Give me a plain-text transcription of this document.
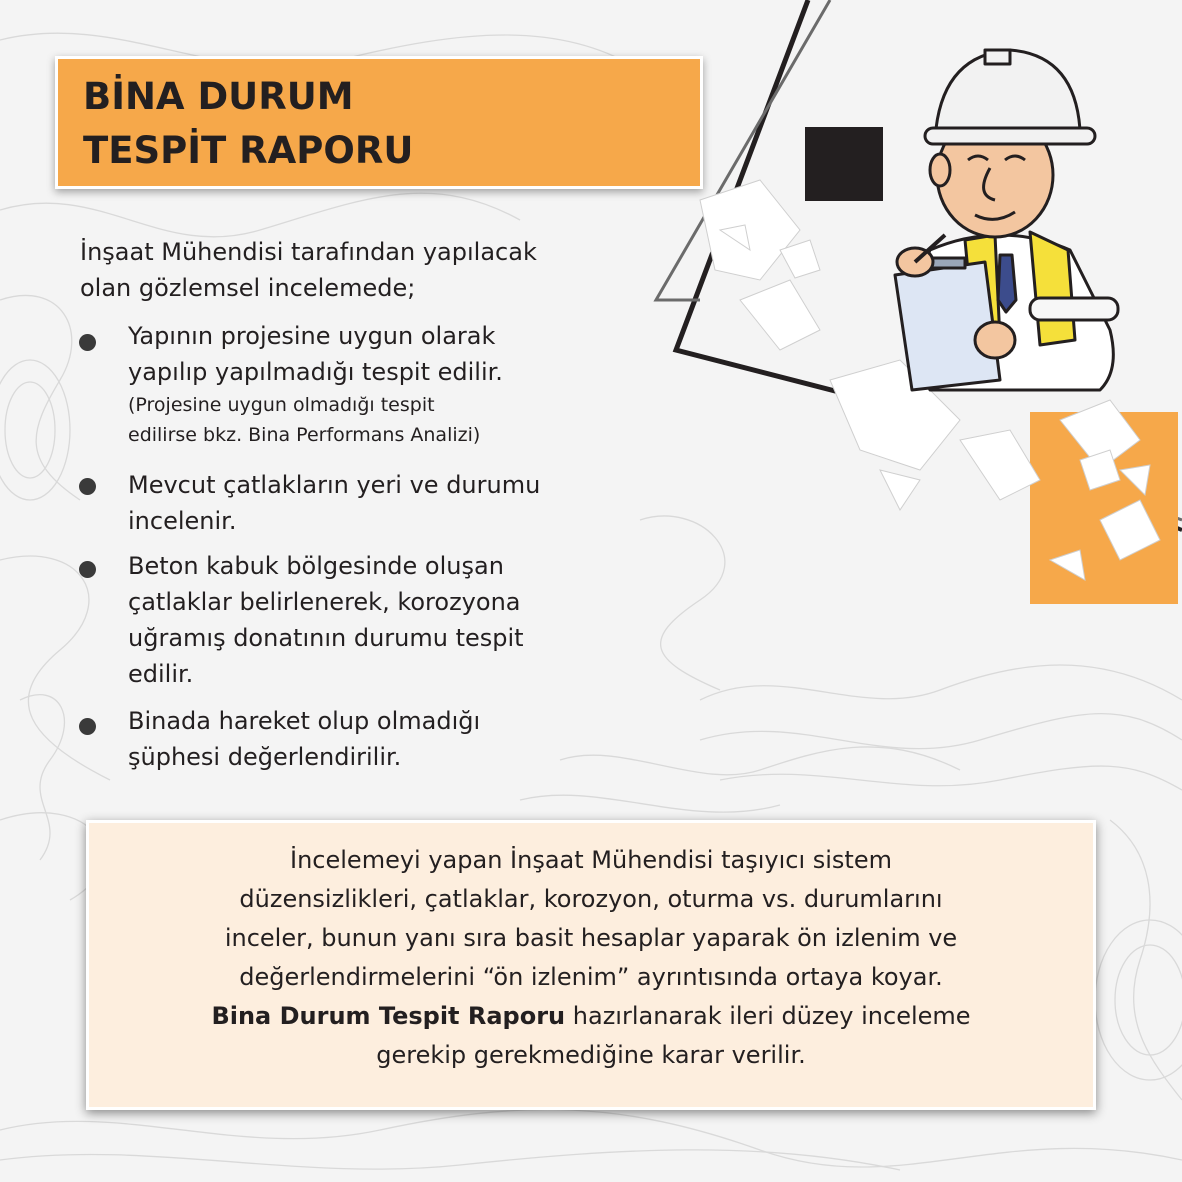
BİNA DURUM
TESPİT RAPORU
İnşaat Mühendisi tarafından yapılacak
olan gözlemsel incelemede;
Yapının projesine uygun olarak
yapılıp yapılmadığı tespit edilir.
(Projesine uygun olmadığı tespit
edilirse bkz. Bina Performans Analizi)
Mevcut çatlakların yeri ve durumu
incelenir.
Beton kabuk bölgesinde oluşan
çatlaklar belirlenerek, korozyona
uğramış donatının durumu tespit
edilir.
Binada hareket olup olmadığı
şüphesi değerlendirilir.
İncelemeyi yapan İnşaat Mühendisi taşıyıcı sistem
düzensizlikleri, çatlaklar, korozyon, oturma vs. durumlarını
inceler, bunun yanı sıra basit hesaplar yaparak ön izlenim ve
değerlendirmelerini “ön izlenim” ayrıntısında ortaya koyar.
Bina Durum Tespit Raporu hazırlanarak ileri düzey inceleme
gerekip gerekmediğine karar verilir.
